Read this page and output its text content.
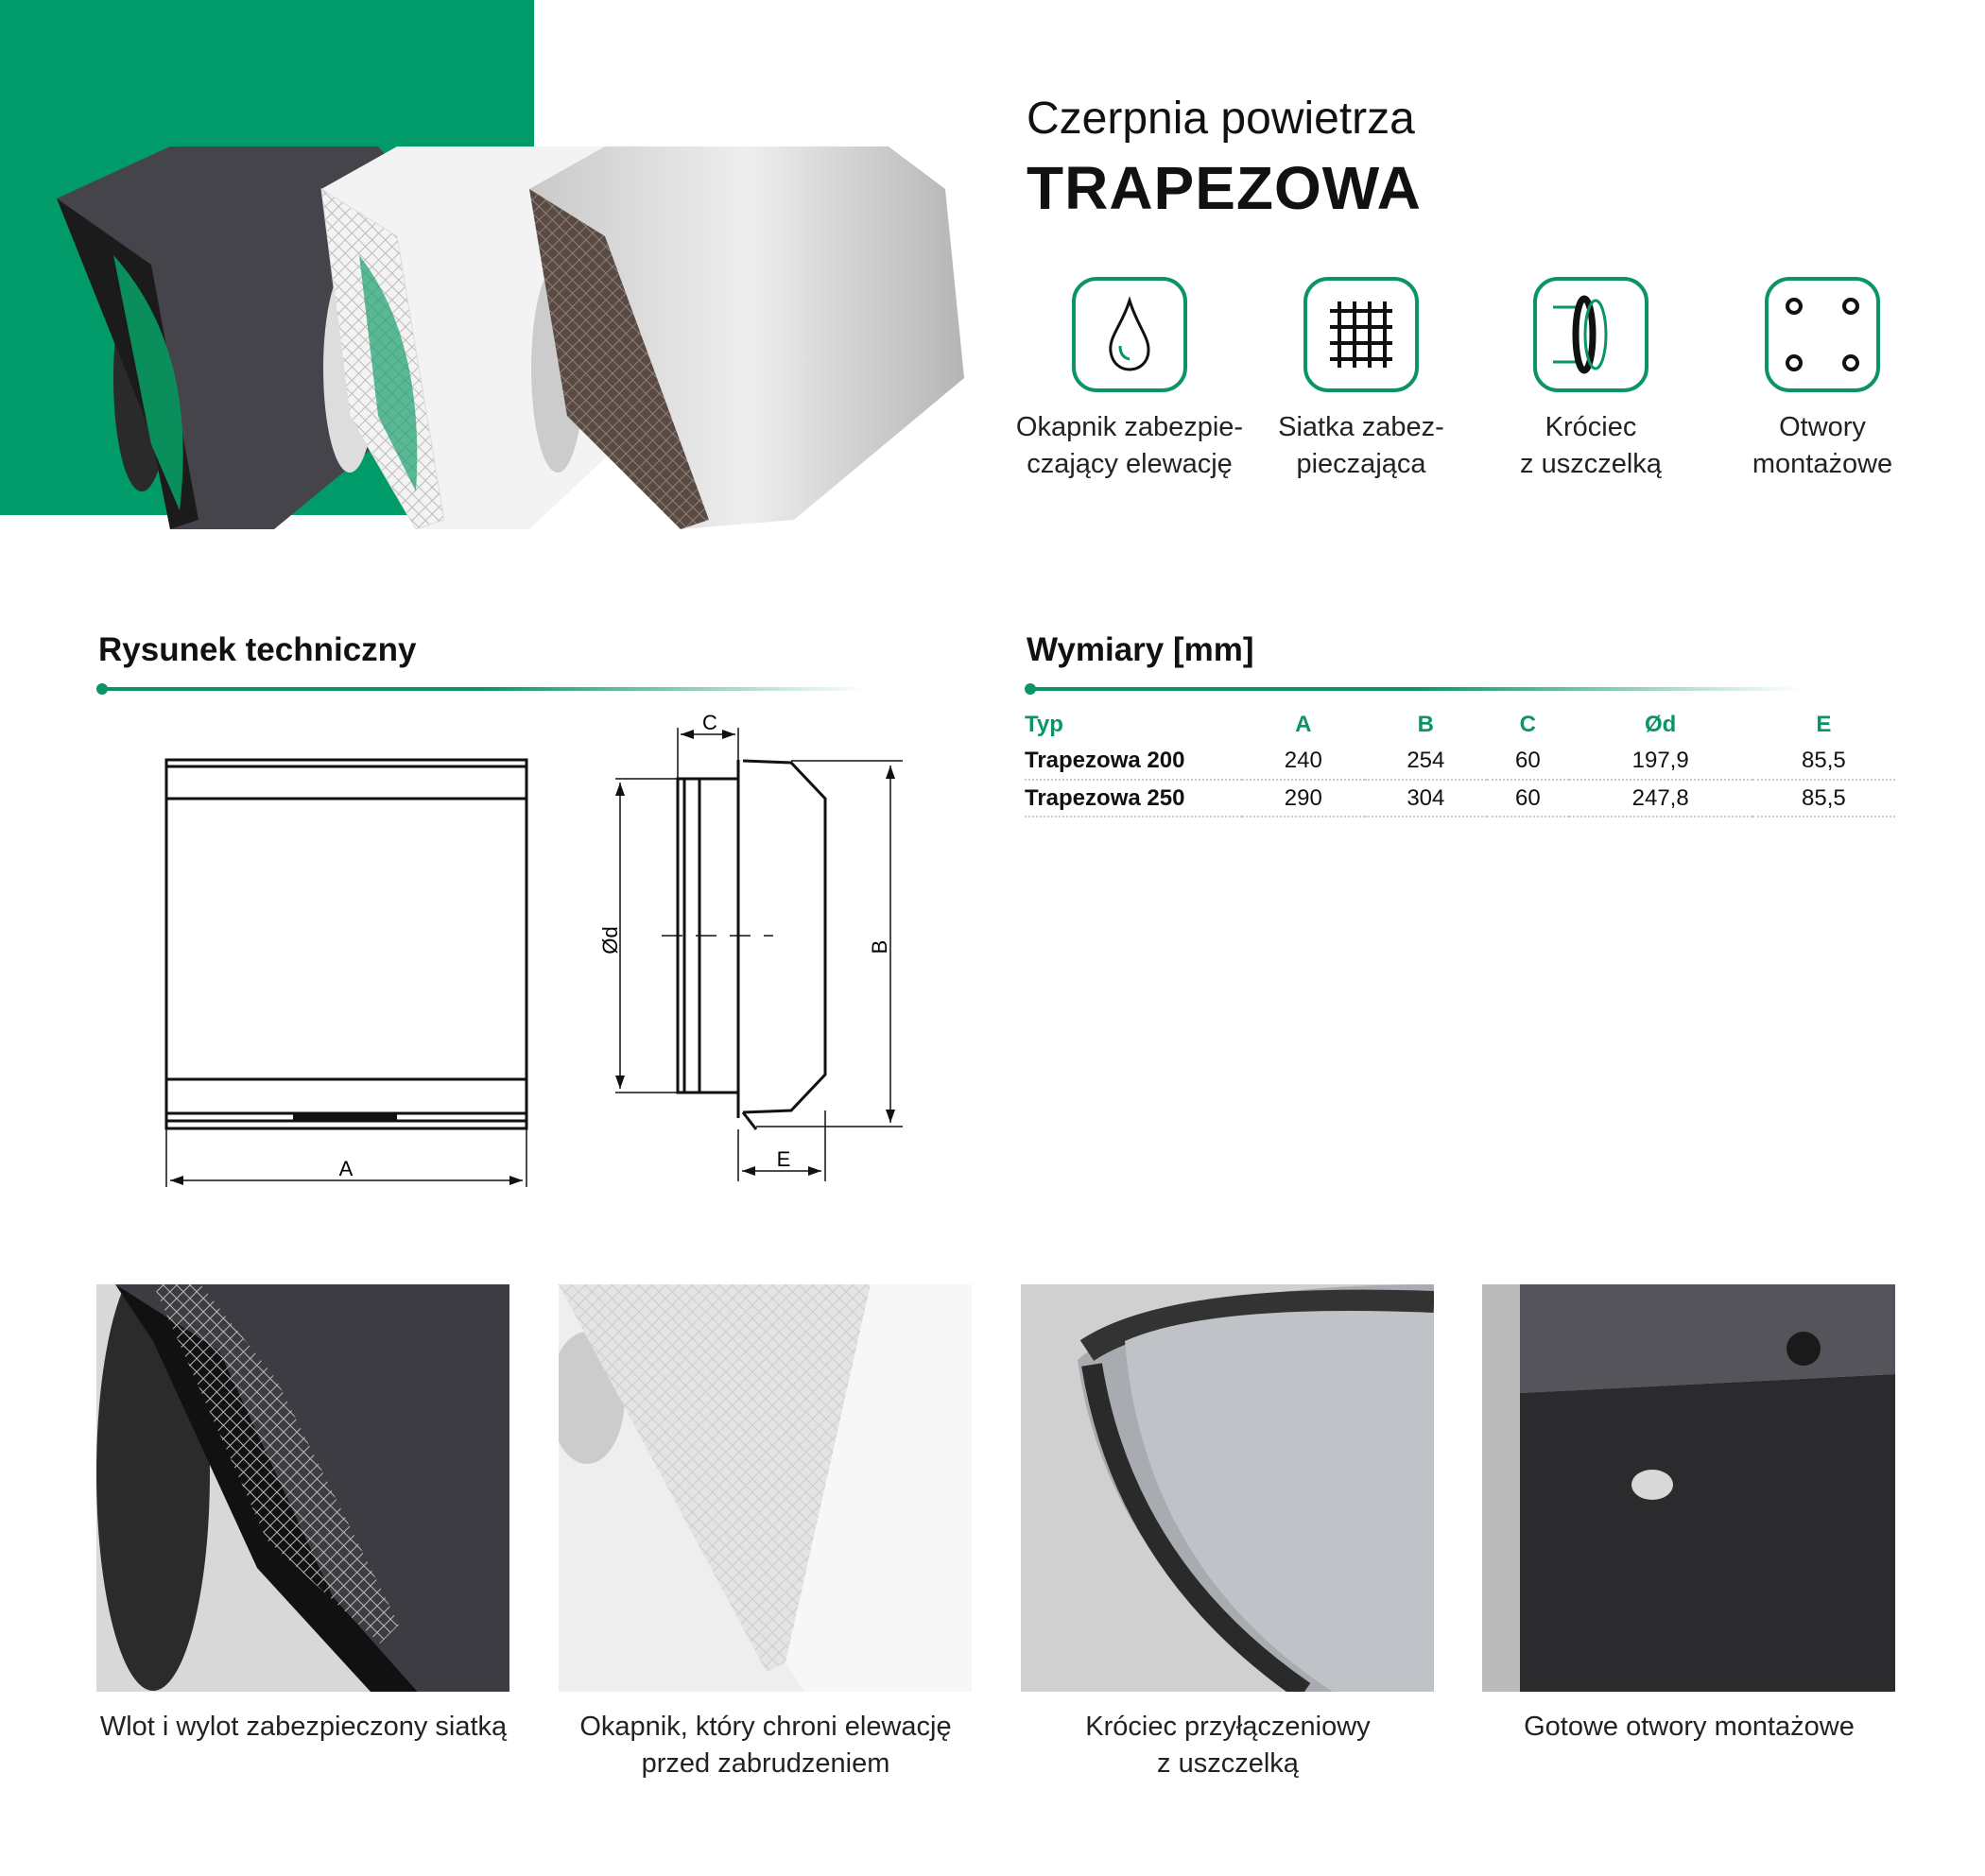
Czerpnia powietrza
TRAPEZOWA
Okapnik zabezpie-
czający elewację
Siatka zabez-
pieczająca
Króciec
z uszczelką
Otwory
montażowe
Rysunek techniczny	Wymiary [mm]
A
C
E
Ød	B
Typ	A	B	C	Ød	E
Trapezowa 200	240	254	60	197,9	85,5
Trapezowa 250	290	304	60	247,8	85,5
Wlot i wylot zabezpieczony siatką	Okapnik, który chroni elewację
przed zabrudzeniem
Króciec przyłączeniowy
z uszczelką
Gotowe otwory montażowe
